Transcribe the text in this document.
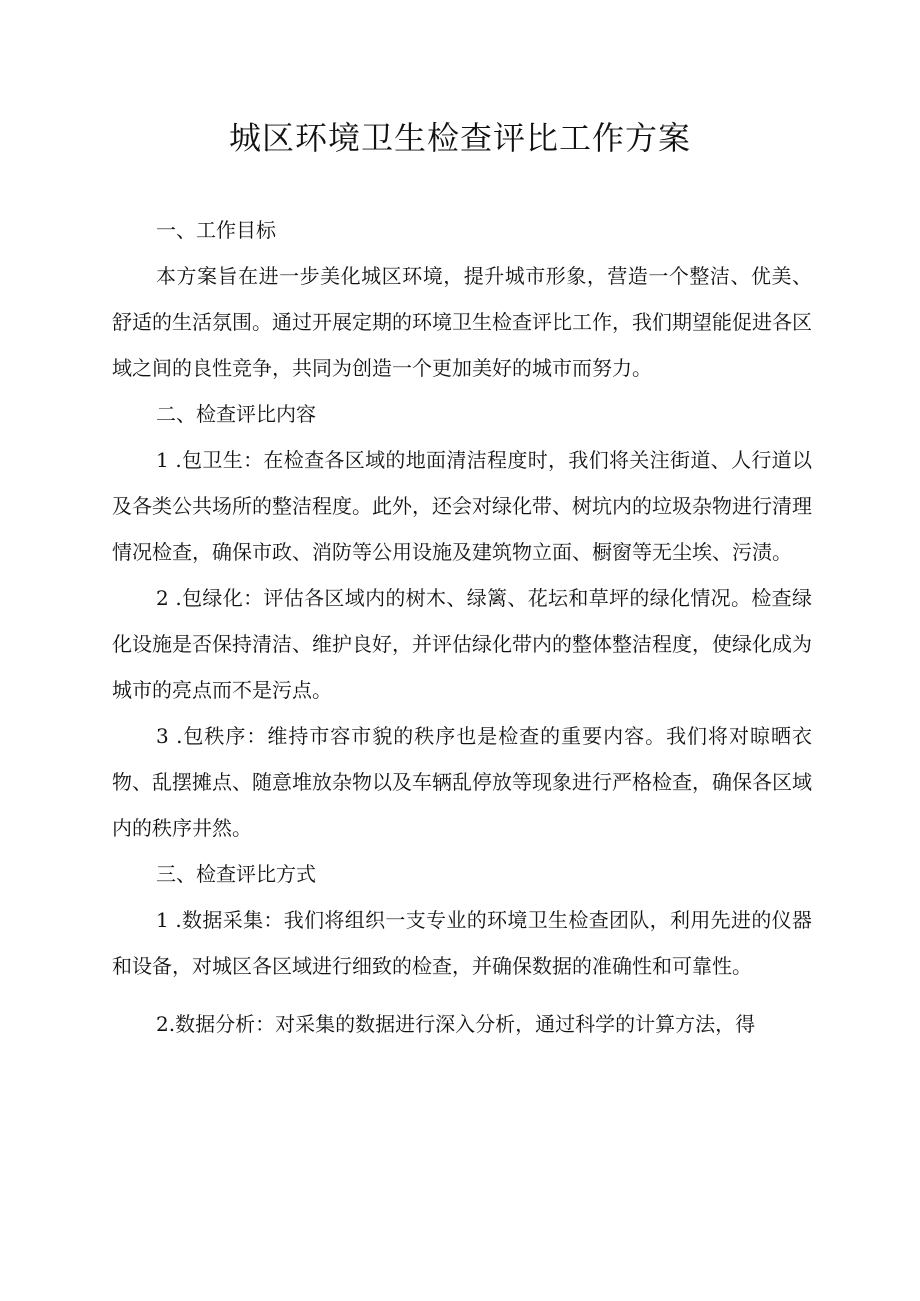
城区环境卫生检查评比工作方案

一、工作目标

本方案旨在进一步美化城区环境，提升城市形象，营造一个整洁、优美、舒适的生活氛围。通过开展定期的环境卫生检查评比工作，我们期望能促进各区域之间的良性竞争，共同为创造一个更加美好的城市而努力。

二、检查评比内容

1 .包卫生：在检查各区域的地面清洁程度时，我们将关注街道、人行道以及各类公共场所的整洁程度。此外，还会对绿化带、树坑内的垃圾杂物进行清理情况检查，确保市政、消防等公用设施及建筑物立面、橱窗等无尘埃、污渍。

2 .包绿化：评估各区域内的树木、绿篱、花坛和草坪的绿化情况。检查绿化设施是否保持清洁、维护良好，并评估绿化带内的整体整洁程度，使绿化成为城市的亮点而不是污点。

3 .包秩序：维持市容市貌的秩序也是检查的重要内容。我们将对晾晒衣物、乱摆摊点、随意堆放杂物以及车辆乱停放等现象进行严格检查，确保各区域内的秩序井然。

三、检查评比方式

1 .数据采集：我们将组织一支专业的环境卫生检查团队，利用先进的仪器和设备，对城区各区域进行细致的检查，并确保数据的准确性和可靠性。

2.数据分析：对采集的数据进行深入分析，通过科学的计算方法，得
